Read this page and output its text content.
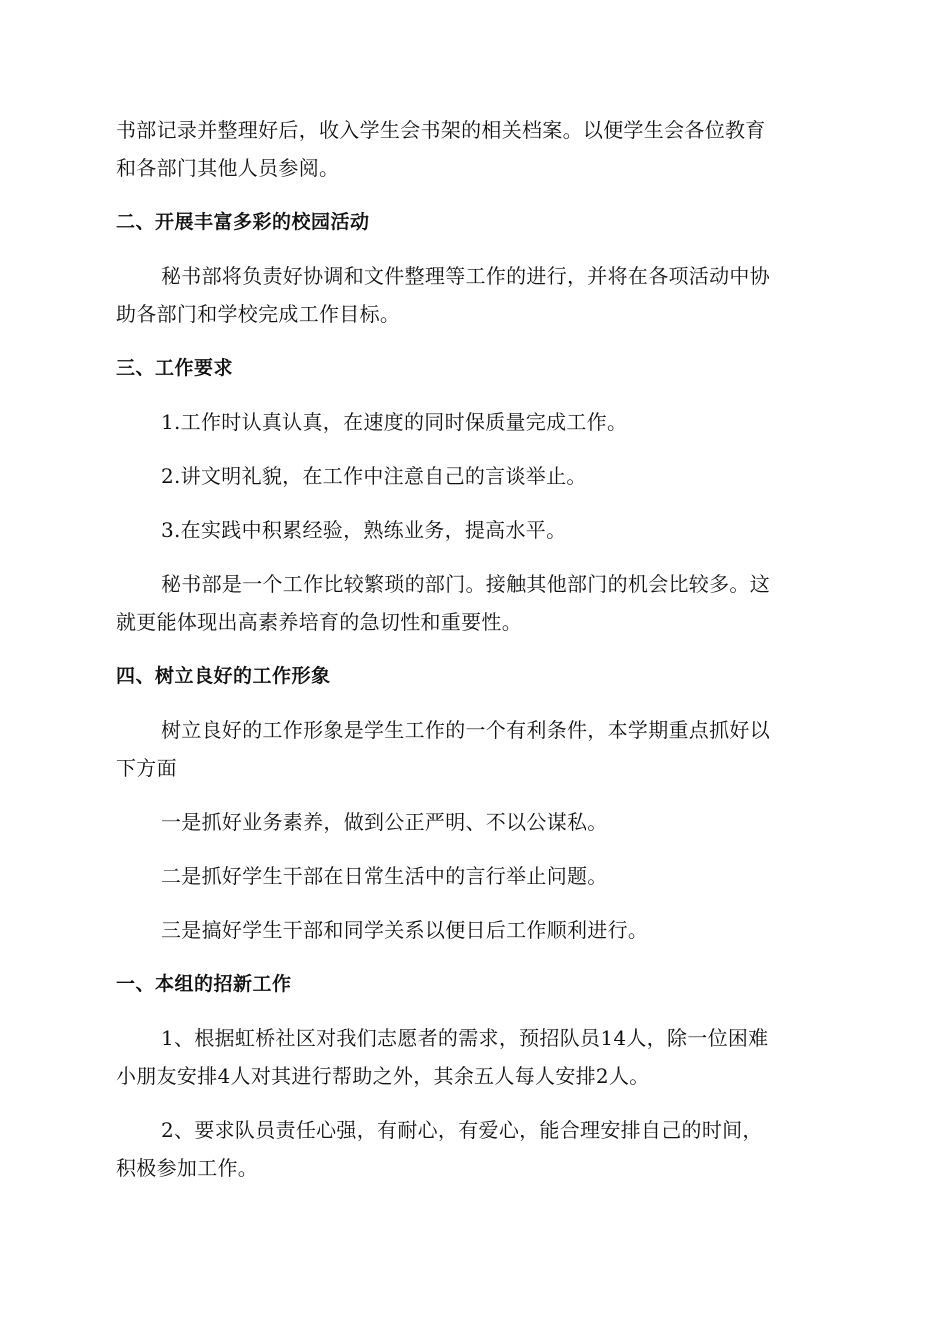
书部记录并整理好后，收入学生会书架的相关档案。以便学生会各位教育
和各部门其他人员参阅。
二、开展丰富多彩的校园活动
秘书部将负责好协调和文件整理等工作的进行，并将在各项活动中协
助各部门和学校完成工作目标。
三、工作要求
1.工作时认真认真，在速度的同时保质量完成工作。
2.讲文明礼貌，在工作中注意自己的言谈举止。
3.在实践中积累经验，熟练业务，提高水平。
秘书部是一个工作比较繁琐的部门。接触其他部门的机会比较多。这
就更能体现出高素养培育的急切性和重要性。
四、树立良好的工作形象
树立良好的工作形象是学生工作的一个有利条件，本学期重点抓好以
下方面
一是抓好业务素养，做到公正严明、不以公谋私。
二是抓好学生干部在日常生活中的言行举止问题。
三是搞好学生干部和同学关系以便日后工作顺利进行。
一、本组的招新工作
1、根据虹桥社区对我们志愿者的需求，预招队员14人，除一位困难
小朋友安排4人对其进行帮助之外，其余五人每人安排2人。
2、要求队员责任心强，有耐心，有爱心，能合理安排自己的时间，
积极参加工作。
